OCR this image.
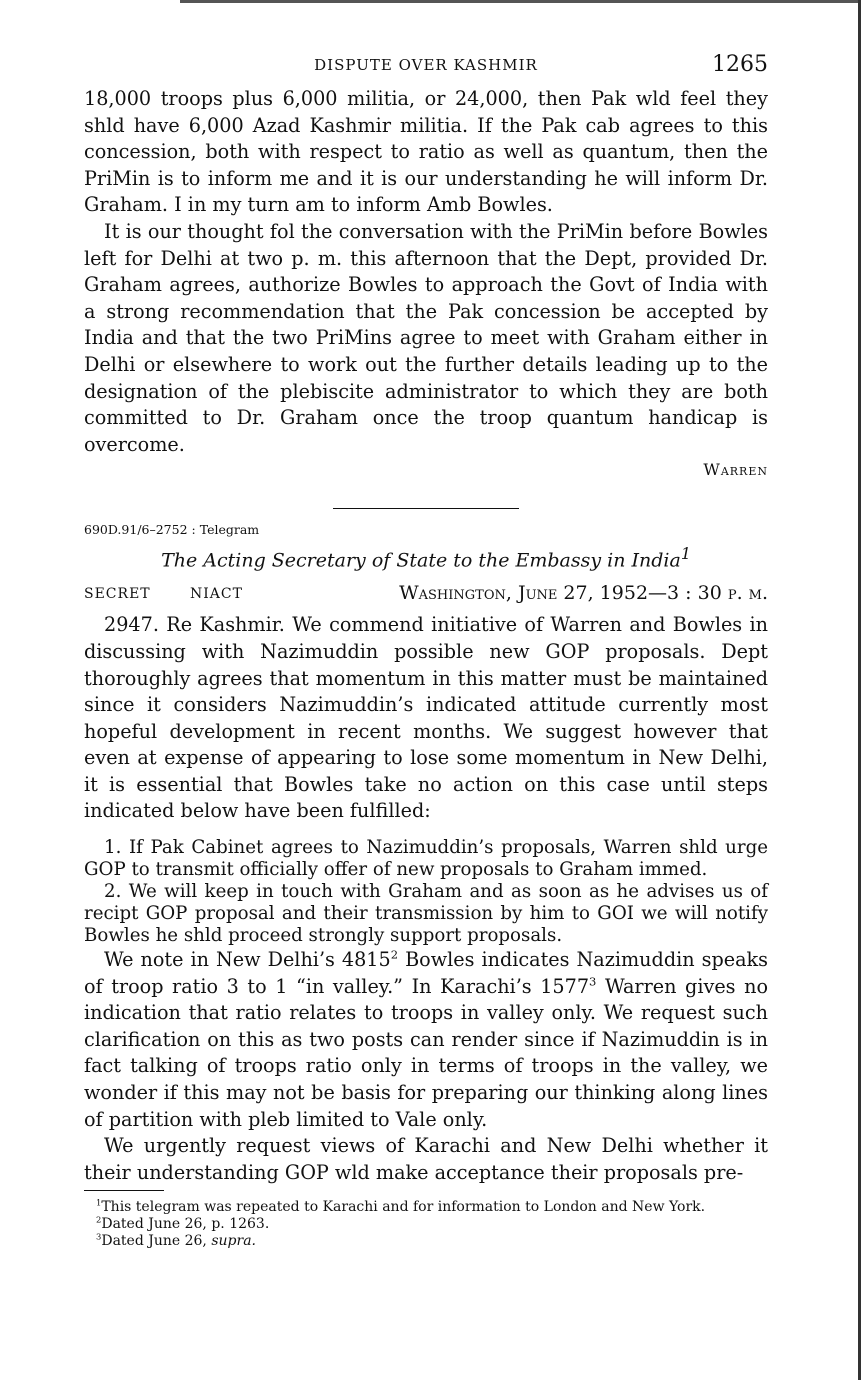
DISPUTE OVER KASHMIR	1265

18,000 troops plus 6,000 militia, or 24,000, then Pak wld feel they shld have 6,000 Azad Kashmir militia. If the Pak cab agrees to this concession, both with respect to ratio as well as quantum, then the PriMin is to inform me and it is our understanding he will inform Dr. Graham. I in my turn am to inform Amb Bowles.

It is our thought fol the conversation with the PriMin before Bowles left for Delhi at two p. m. this afternoon that the Dept, provided Dr. Graham agrees, authorize Bowles to approach the Govt of India with a strong recommendation that the Pak concession be accepted by India and that the two PriMins agree to meet with Graham either in Delhi or elsewhere to work out the further details leading up to the designation of the plebiscite administrator to which they are both committed to Dr. Graham once the troop quantum handicap is overcome.

Warren
690D.91/6–2752 : Telegram
The Acting Secretary of State to the Embassy in India$^1$
SECRET	NIACT	Washington, June 27, 1952—3 : 30 p. m.

2947. Re Kashmir. We commend initiative of Warren and Bowles in discussing with Nazimuddin possible new GOP proposals. Dept thoroughly agrees that momentum in this matter must be maintained since it considers Nazimuddin’s indicated attitude currently most hopeful development in recent months. We suggest however that even at expense of appearing to lose some momentum in New Delhi, it is essential that Bowles take no action on this case until steps indicated below have been fulfilled:

1. If Pak Cabinet agrees to Nazimuddin’s proposals, Warren shld urge GOP to transmit officially offer of new proposals to Graham immed.

2. We will keep in touch with Graham and as soon as he advises us of recipt GOP proposal and their transmission by him to GOI we will notify Bowles he shld proceed strongly support proposals.

We note in New Delhi’s 4815$^2$ Bowles indicates Nazimuddin speaks of troop ratio 3 to 1 “in valley.” In Karachi’s 1577$^3$ Warren gives no indication that ratio relates to troops in valley only. We request such clarification on this as two posts can render since if Nazimuddin is in fact talking of troops ratio only in terms of troops in the valley, we wonder if this may not be basis for preparing our thinking along lines of partition with pleb limited to Vale only.

We urgently request views of Karachi and New Delhi whether it their understanding GOP wld make acceptance their proposals pre-

$^1$This telegram was repeated to Karachi and for information to London and New York.

$^2$Dated June 26, p. 1263.

$^3$Dated June 26, supra.
